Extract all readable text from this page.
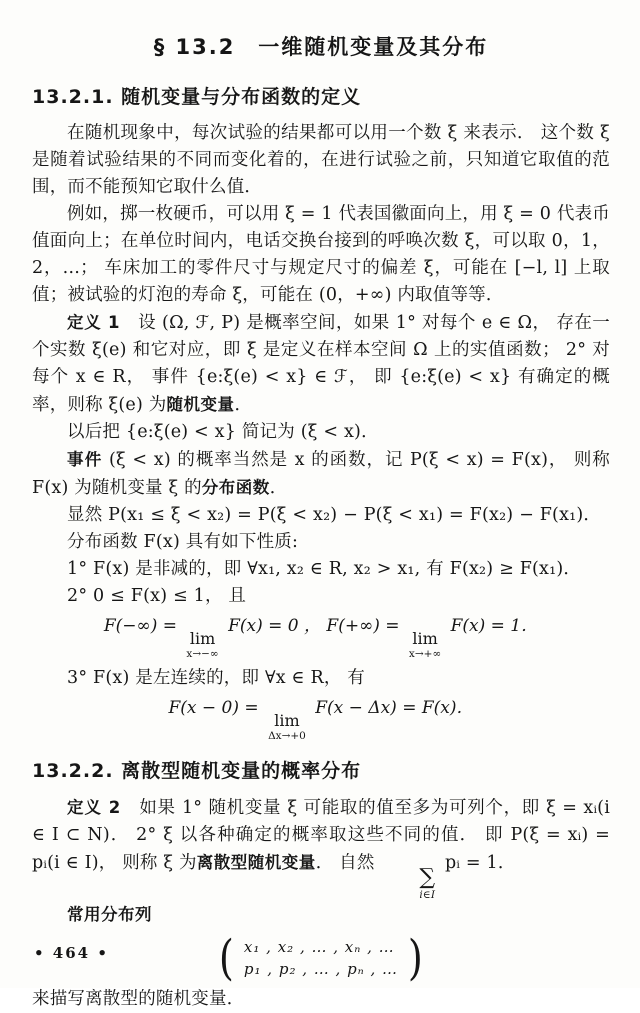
§ 13.2　一维随机变量及其分布
13.2.1. 随机变量与分布函数的定义

在随机现象中，每次试验的结果都可以用一个数 ξ 来表示． 这个数 ξ 是随着试验结果的不同而变化着的，在进行试验之前，只知道它取值的范围，而不能预知它取什么值．

例如，掷一枚硬币，可以用 ξ = 1 代表国徽面向上，用 ξ = 0 代表币值面向上；在单位时间内，电话交换台接到的呼唤次数 ξ，可以取 0，1，2，…； 车床加工的零件尺寸与规定尺寸的偏差 ξ，可能在 [−l, l] 上取值；被试验的灯泡的寿命 ξ，可能在 (0，+∞) 内取值等等．

定义 1　设 (Ω, ℱ, P) 是概率空间，如果 1° 对每个 e ∈ Ω， 存在一个实数 ξ(e) 和它对应，即 ξ 是定义在样本空间 Ω 上的实值函数； 2° 对每个 x ∈ R， 事件 {e:ξ(e) < x} ∈ ℱ， 即 {e:ξ(e) < x} 有确定的概率，则称 ξ(e) 为随机变量．

以后把 {e:ξ(e) < x} 简记为 (ξ < x)．

事件 (ξ < x) 的概率当然是 x 的函数，记 P(ξ < x) = F(x)， 则称 F(x) 为随机变量 ξ 的分布函数．

显然 P(x₁ ≤ ξ < x₂) = P(ξ < x₂) − P(ξ < x₁) = F(x₂) − F(x₁)．

分布函数 F(x) 具有如下性质:

1° F(x) 是非减的，即 ∀x₁, x₂ ∈ R, x₂ > x₁, 有 F(x₂) ≥ F(x₁)．

2° 0 ≤ F(x) ≤ 1， 且

F(−∞) =
lim
x→−∞
F(x) = 0 ， F(+∞) =
lim
x→+∞
F(x) = 1．

3° F(x) 是左连续的，即 ∀x ∈ R， 有

F(x − 0) =
lim
Δx→+0
F(x − Δx) = F(x)．
13.2.2. 离散型随机变量的概率分布

定义 2　如果 1° 随机变量 ξ 可能取的值至多为可列个，即 ξ = xᵢ(i ∈ I ⊂ N)． 2° ξ 以各种确定的概率取这些不同的值． 即 P(ξ = xᵢ) = pᵢ(i ∈ I)， 则称 ξ 为离散型随机变量． 自然
∑
i∈I
pᵢ = 1．

常用分布列

( x₁ , x₂ , … , xₙ , …
p₁ , p₂ , … , pₙ , … )

来描写离散型的随机变量．

• 464 •
